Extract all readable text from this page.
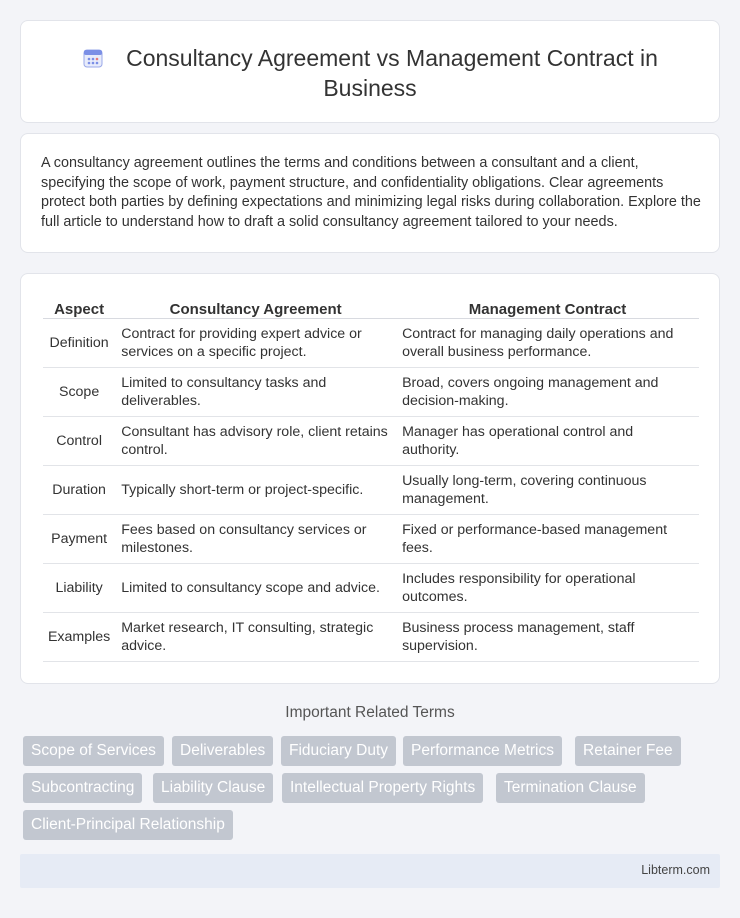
Consultancy Agreement vs Management Contract in Business

A consultancy agreement outlines the terms and conditions between a consultant and a client, specifying the scope of work, payment structure, and confidentiality obligations. Clear agreements protect both parties by defining expectations and minimizing legal risks during collaboration. Explore the full article to understand how to draft a solid consultancy agreement tailored to your needs.

Aspect	Consultancy Agreement	Management Contract
Definition	Contract for providing expert advice or services on a specific project.	Contract for managing daily operations and overall business performance.
Scope	Limited to consultancy tasks and deliverables.	Broad, covers ongoing management and decision-making.
Control	Consultant has advisory role, client retains control.	Manager has operational control and authority.
Duration	Typically short-term or project-specific.	Usually long-term, covering continuous management.
Payment	Fees based on consultancy services or milestones.	Fixed or performance-based management fees.
Liability	Limited to consultancy scope and advice.	Includes responsibility for operational outcomes.
Examples	Market research, IT consulting, strategic advice.	Business process management, staff supervision.
Important Related Terms
Scope of Services	Deliverables	Fiduciary Duty	Performance Metrics	Retainer Fee
Subcontracting	Liability Clause	Intellectual Property Rights	Termination Clause
Client-Principal Relationship
Libterm.com
